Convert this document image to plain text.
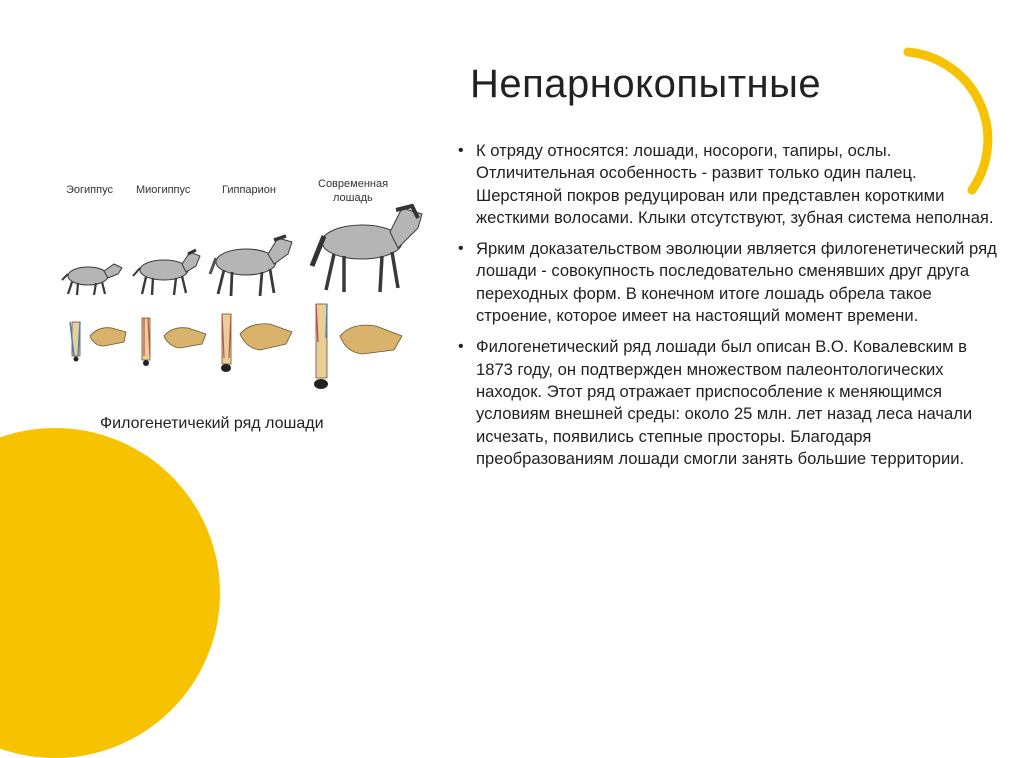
Непарнокопытные
• К отряду относятся: лошади, носороги, тапиры, ослы. Отличительная особенность - развит только один палец. Шерстяной покров редуцирован или представлен короткими жесткими волосами. Клыки отсутствуют, зубная система неполная.
• Ярким доказательством эволюции является филогенетический ряд лошади - совокупность последовательно сменявших друг друга переходных форм. В конечном итоге лошадь обрела такое строение, которое имеет на настоящий момент времени.
• Филогенетический ряд лошади был описан В.О. Ковалевским в 1873 году, он подтвержден множеством палеонтологических находок. Этот ряд отражает приспособление к меняющимся условиям внешней среды: около 25 млн. лет назад леса начали исчезать, появились степные просторы. Благодаря преобразованиям лошади смогли занять большие территории.
Эогиппус Миогиппус	Гиппарион	Современная
лошадь
Филогенетичекий ряд лошади
